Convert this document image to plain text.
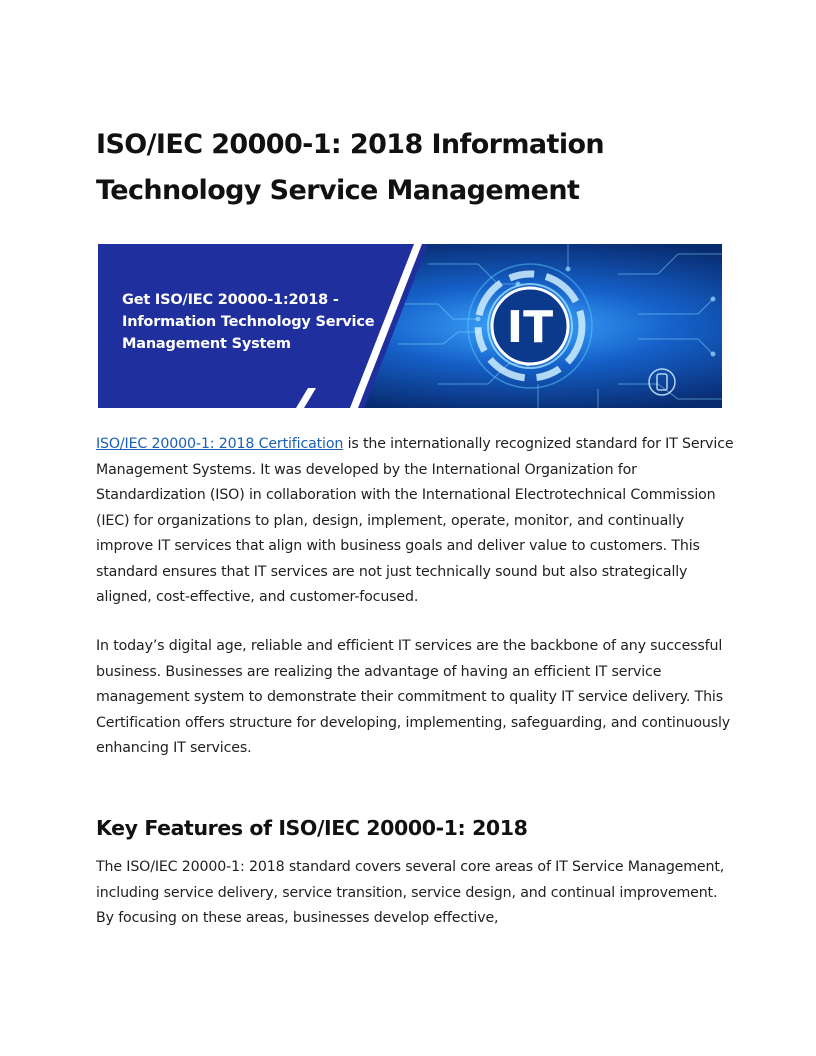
ISO/IEC 20000-1: 2018 Information Technology Service Management
IT

Get ISO/IEC 20000-1:2018 - Information Technology Service Management System

ISO/IEC 20000-1: 2018 Certification is the internationally recognized standard for IT Service Management Systems. It was developed by the International Organization for Standardization (ISO) in collaboration with the International Electrotechnical Commission (IEC) for organizations to plan, design, implement, operate, monitor, and continually improve IT services that align with business goals and deliver value to customers. This standard ensures that IT services are not just technically sound but also strategically aligned, cost-effective, and customer-focused.

In today’s digital age, reliable and efficient IT services are the backbone of any successful business. Businesses are realizing the advantage of having an efficient IT service management system to demonstrate their commitment to quality IT service delivery. This Certification offers structure for developing, implementing, safeguarding, and continuously enhancing IT services.

Key Features of ISO/IEC 20000-1: 2018

The ISO/IEC 20000-1: 2018 standard covers several core areas of IT Service Management, including service delivery, service transition, service design, and continual improvement. By focusing on these areas, businesses develop effective,
